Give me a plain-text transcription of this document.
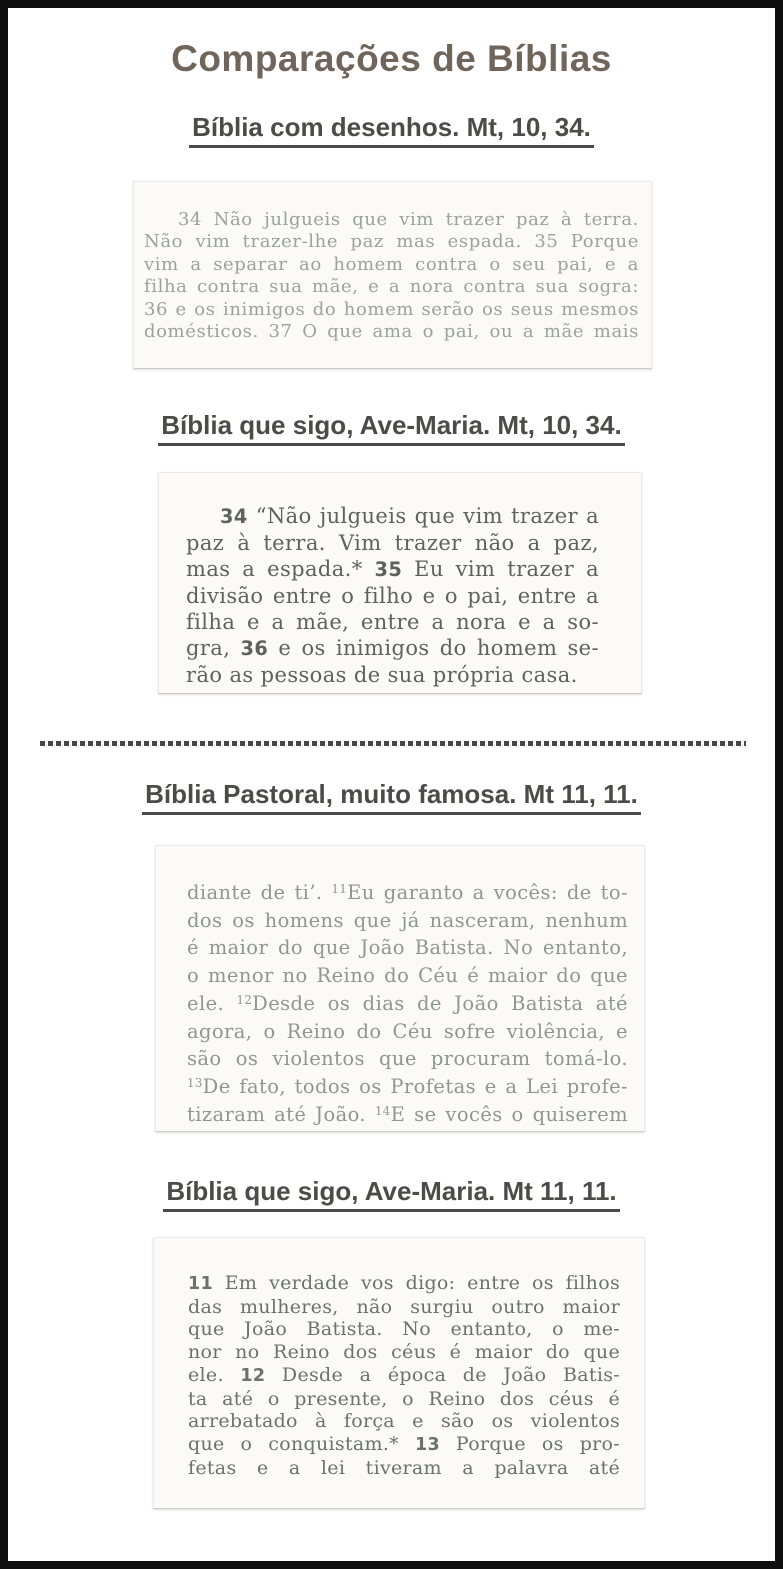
Comparações de Bíblias
Bíblia com desenhos. Mt, 10, 34.
34 Não julgueis que vim trazer paz à terra.
Não vim trazer-lhe paz mas espada. 35 Porque
vim a separar ao homem contra o seu pai, e a
filha contra sua mãe, e a nora contra sua sogra:
36 e os inimigos do homem serão os seus mesmos
domésticos. 37 O que ama o pai, ou a mãe mais
Bíblia que sigo, Ave-Maria. Mt, 10, 34.
34 “Não julgueis que vim trazer a
paz à terra. Vim trazer não a paz,
mas a espada.* 35 Eu vim trazer a
divisão entre o filho e o pai, entre a
filha e a mãe, entre a nora e a so-
gra, 36 e os inimigos do homem se-
rão as pessoas de sua própria casa.
Bíblia Pastoral, muito famosa. Mt 11, 11.
diante de ti’. $^{11}$Eu garanto a vocês: de to-
dos os homens que já nasceram, nenhum
é maior do que João Batista. No entanto,
o menor no Reino do Céu é maior do que
ele. $^{12}$Desde os dias de João Batista até
agora, o Reino do Céu sofre violência, e
são os violentos que procuram tomá-lo.
$^{13}$De fato, todos os Profetas e a Lei profe-
tizaram até João. $^{14}$E se vocês o quiserem
Bíblia que sigo, Ave-Maria. Mt 11, 11.
11 Em verdade vos digo: entre os filhos
das mulheres, não surgiu outro maior
que João Batista. No entanto, o me-
nor no Reino dos céus é maior do que
ele. 12 Desde a época de João Batis-
ta até o presente, o Reino dos céus é
arrebatado à força e são os violentos
que o conquistam.* 13 Porque os pro-
fetas e a lei tiveram a palavra até
